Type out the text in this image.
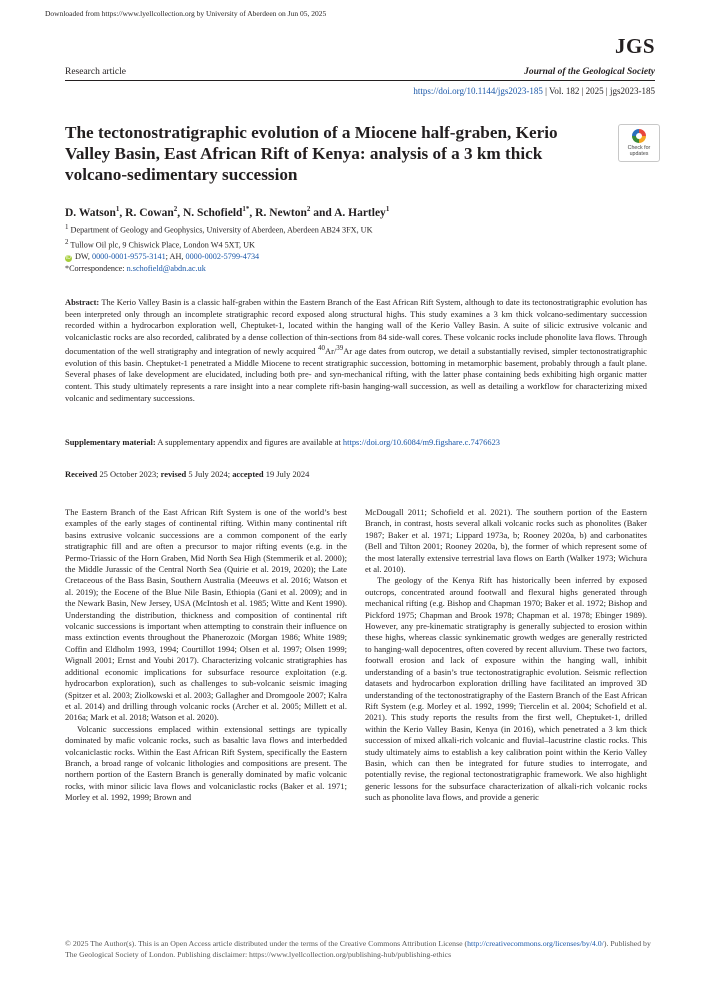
Downloaded from https://www.lyellcollection.org by University of Aberdeen on Jun 05, 2025
JGS
Research article	Journal of the Geological Society
https://doi.org/10.1144/jgs2023-185 | Vol. 182 | 2025 | jgs2023-185
The tectonostratigraphic evolution of a Miocene half-graben, Kerio Valley Basin, East African Rift of Kenya: analysis of a 3 km thick volcano-sedimentary succession
Check for
updates
D. Watson$^1$, R. Cowan$^2$, N. Schofield$^{1*}$, R. Newton$^2$ and A. Hartley$^1$
$^1$ Department of Geology and Geophysics, University of Aberdeen, Aberdeen AB24 3FX, UK
$^2$ Tullow Oil plc, 9 Chiswick Place, London W4 5XT, UK
iD DW, 0000-0001-9575-3141; AH, 0000-0002-5799-4734
*Correspondence: n.schofield@abdn.ac.uk
Abstract: The Kerio Valley Basin is a classic half-graben within the Eastern Branch of the East African Rift System, although to date its tectonostratigraphic evolution has been interpreted only through an incomplete stratigraphic record exposed along structural highs. This study examines a 3 km thick volcano-sedimentary succession recorded within a hydrocarbon exploration well, Cheptuket-1, located within the hanging wall of the Kerio Valley Basin. A suite of silicic extrusive volcanic and volcaniclastic rocks are also recorded, calibrated by a dense collection of thin-sections from 84 side-wall cores. These volcanic rocks include phonolite lava flows. Through documentation of the well stratigraphy and integration of newly acquired $^{40}$Ar/$^{39}$Ar age dates from outcrop, we detail a substantially revised, simpler tectonostratigraphic evolution of this basin. Cheptuket-1 penetrated a Middle Miocene to recent stratigraphic succession, bottoming in metamorphic basement, probably through a fault plane. Several phases of lake development are elucidated, including both pre- and syn-mechanical rifting, with the latter phase containing beds exhibiting high organic matter content. This study ultimately represents a rare insight into a near complete rift-basin hanging-wall succession, as well as detailing a workflow for characterizing mixed volcanic and sedimentary successions.
Supplementary material: A supplementary appendix and figures are available at https://doi.org/10.6084/m9.figshare.c.7476623
Received 25 October 2023; revised 5 July 2024; accepted 19 July 2024

The Eastern Branch of the East African Rift System is one of the world’s best examples of the early stages of continental rifting. Within many continental rift basins extrusive volcanic successions are a common component of the early stratigraphic fill and are often a precursor to major rifting events (e.g. in the Permo-Triassic of the Horn Graben, Mid North Sea High (Stemmerik et al. 2000); the Middle Jurassic of the Central North Sea (Quirie et al. 2019, 2020); the Late Cretaceous of the Bass Basin, Southern Australia (Meeuws et al. 2016; Watson et al. 2019); the Eocene of the Blue Nile Basin, Ethiopia (Gani et al. 2009); and in the Newark Basin, New Jersey, USA (McIntosh et al. 1985; Witte and Kent 1990). Understanding the distribution, thickness and composition of continental rift volcanic successions is important when attempting to constrain their influence on mass extinction events throughout the Phanerozoic (Morgan 1986; White 1989; Coffin and Eldholm 1993, 1994; Courtillot 1994; Olsen et al. 1997; Olsen 1999; Wignall 2001; Ernst and Youbi 2017). Characterizing volcanic stratigraphies has additional economic implications for subsurface resource exploitation (e.g. hydrocarbon exploration), such as challenges to sub-volcanic seismic imaging (Spitzer et al. 2003; Ziolkowski et al. 2003; Gallagher and Dromgoole 2007; Kalra et al. 2014) and drilling through volcanic rocks (Archer et al. 2005; Millett et al. 2016a; Mark et al. 2018; Watson et al. 2020).

Volcanic successions emplaced within extensional settings are typically dominated by mafic volcanic rocks, such as basaltic lava flows and interbedded volcaniclastic rocks. Within the East African Rift System, specifically the Eastern Branch, a broad range of volcanic lithologies and compositions are present. The northern portion of the Eastern Branch is generally dominated by mafic volcanic rocks, with minor silicic lava flows and volcaniclastic rocks (Baker et al. 1971; Morley et al. 1992, 1999; Brown and

McDougall 2011; Schofield et al. 2021). The southern portion of the Eastern Branch, in contrast, hosts several alkali volcanic rocks such as phonolites (Baker 1987; Baker et al. 1971; Lippard 1973a, b; Rooney 2020a, b) and carbonatites (Bell and Tilton 2001; Rooney 2020a, b), the former of which represent some of the most laterally extensive terrestrial lava flows on Earth (Walker 1973; Wichura et al. 2010).

The geology of the Kenya Rift has historically been inferred by exposed outcrops, concentrated around footwall and flexural highs generated through mechanical rifting (e.g. Bishop and Chapman 1970; Baker et al. 1972; Bishop and Pickford 1975; Chapman and Brook 1978; Chapman et al. 1978; Ebinger 1989). However, any pre-kinematic stratigraphy is generally subjected to erosion within these highs, whereas classic synkinematic growth wedges are generally restricted to hanging-wall depocentres, often covered by recent alluvium. These two factors, footwall erosion and lack of exposure within the hanging wall, inhibit understanding of a basin’s true tectonostratigraphic evolution. Seismic reflection datasets and hydrocarbon exploration drilling have facilitated an improved 3D understanding of the tectonostratigraphy of the Eastern Branch of the East African Rift System (e.g. Morley et al. 1992, 1999; Tiercelin et al. 2004; Schofield et al. 2021). This study reports the results from the first well, Cheptuket-1, drilled within the Kerio Valley Basin, Kenya (in 2016), which penetrated a 3 km thick succession of mixed alkali-rich volcanic and fluvial–lacustrine clastic rocks. This study ultimately aims to establish a key calibration point within the Kerio Valley Basin, which can then be integrated for future studies to interrogate, and potentially revise, the regional tectonostratigraphic framework. We also highlight generic lessons for the subsurface characterization of alkali-rich volcanic rocks such as phonolite lava flows, and provide a generic

© 2025 The Author(s). This is an Open Access article distributed under the terms of the Creative Commons Attribution License (http://creativecommons.org/licenses/by/4.0/). Published by The Geological Society of London. Publishing disclaimer: https://www.lyellcollection.org/publishing-hub/publishing-ethics
